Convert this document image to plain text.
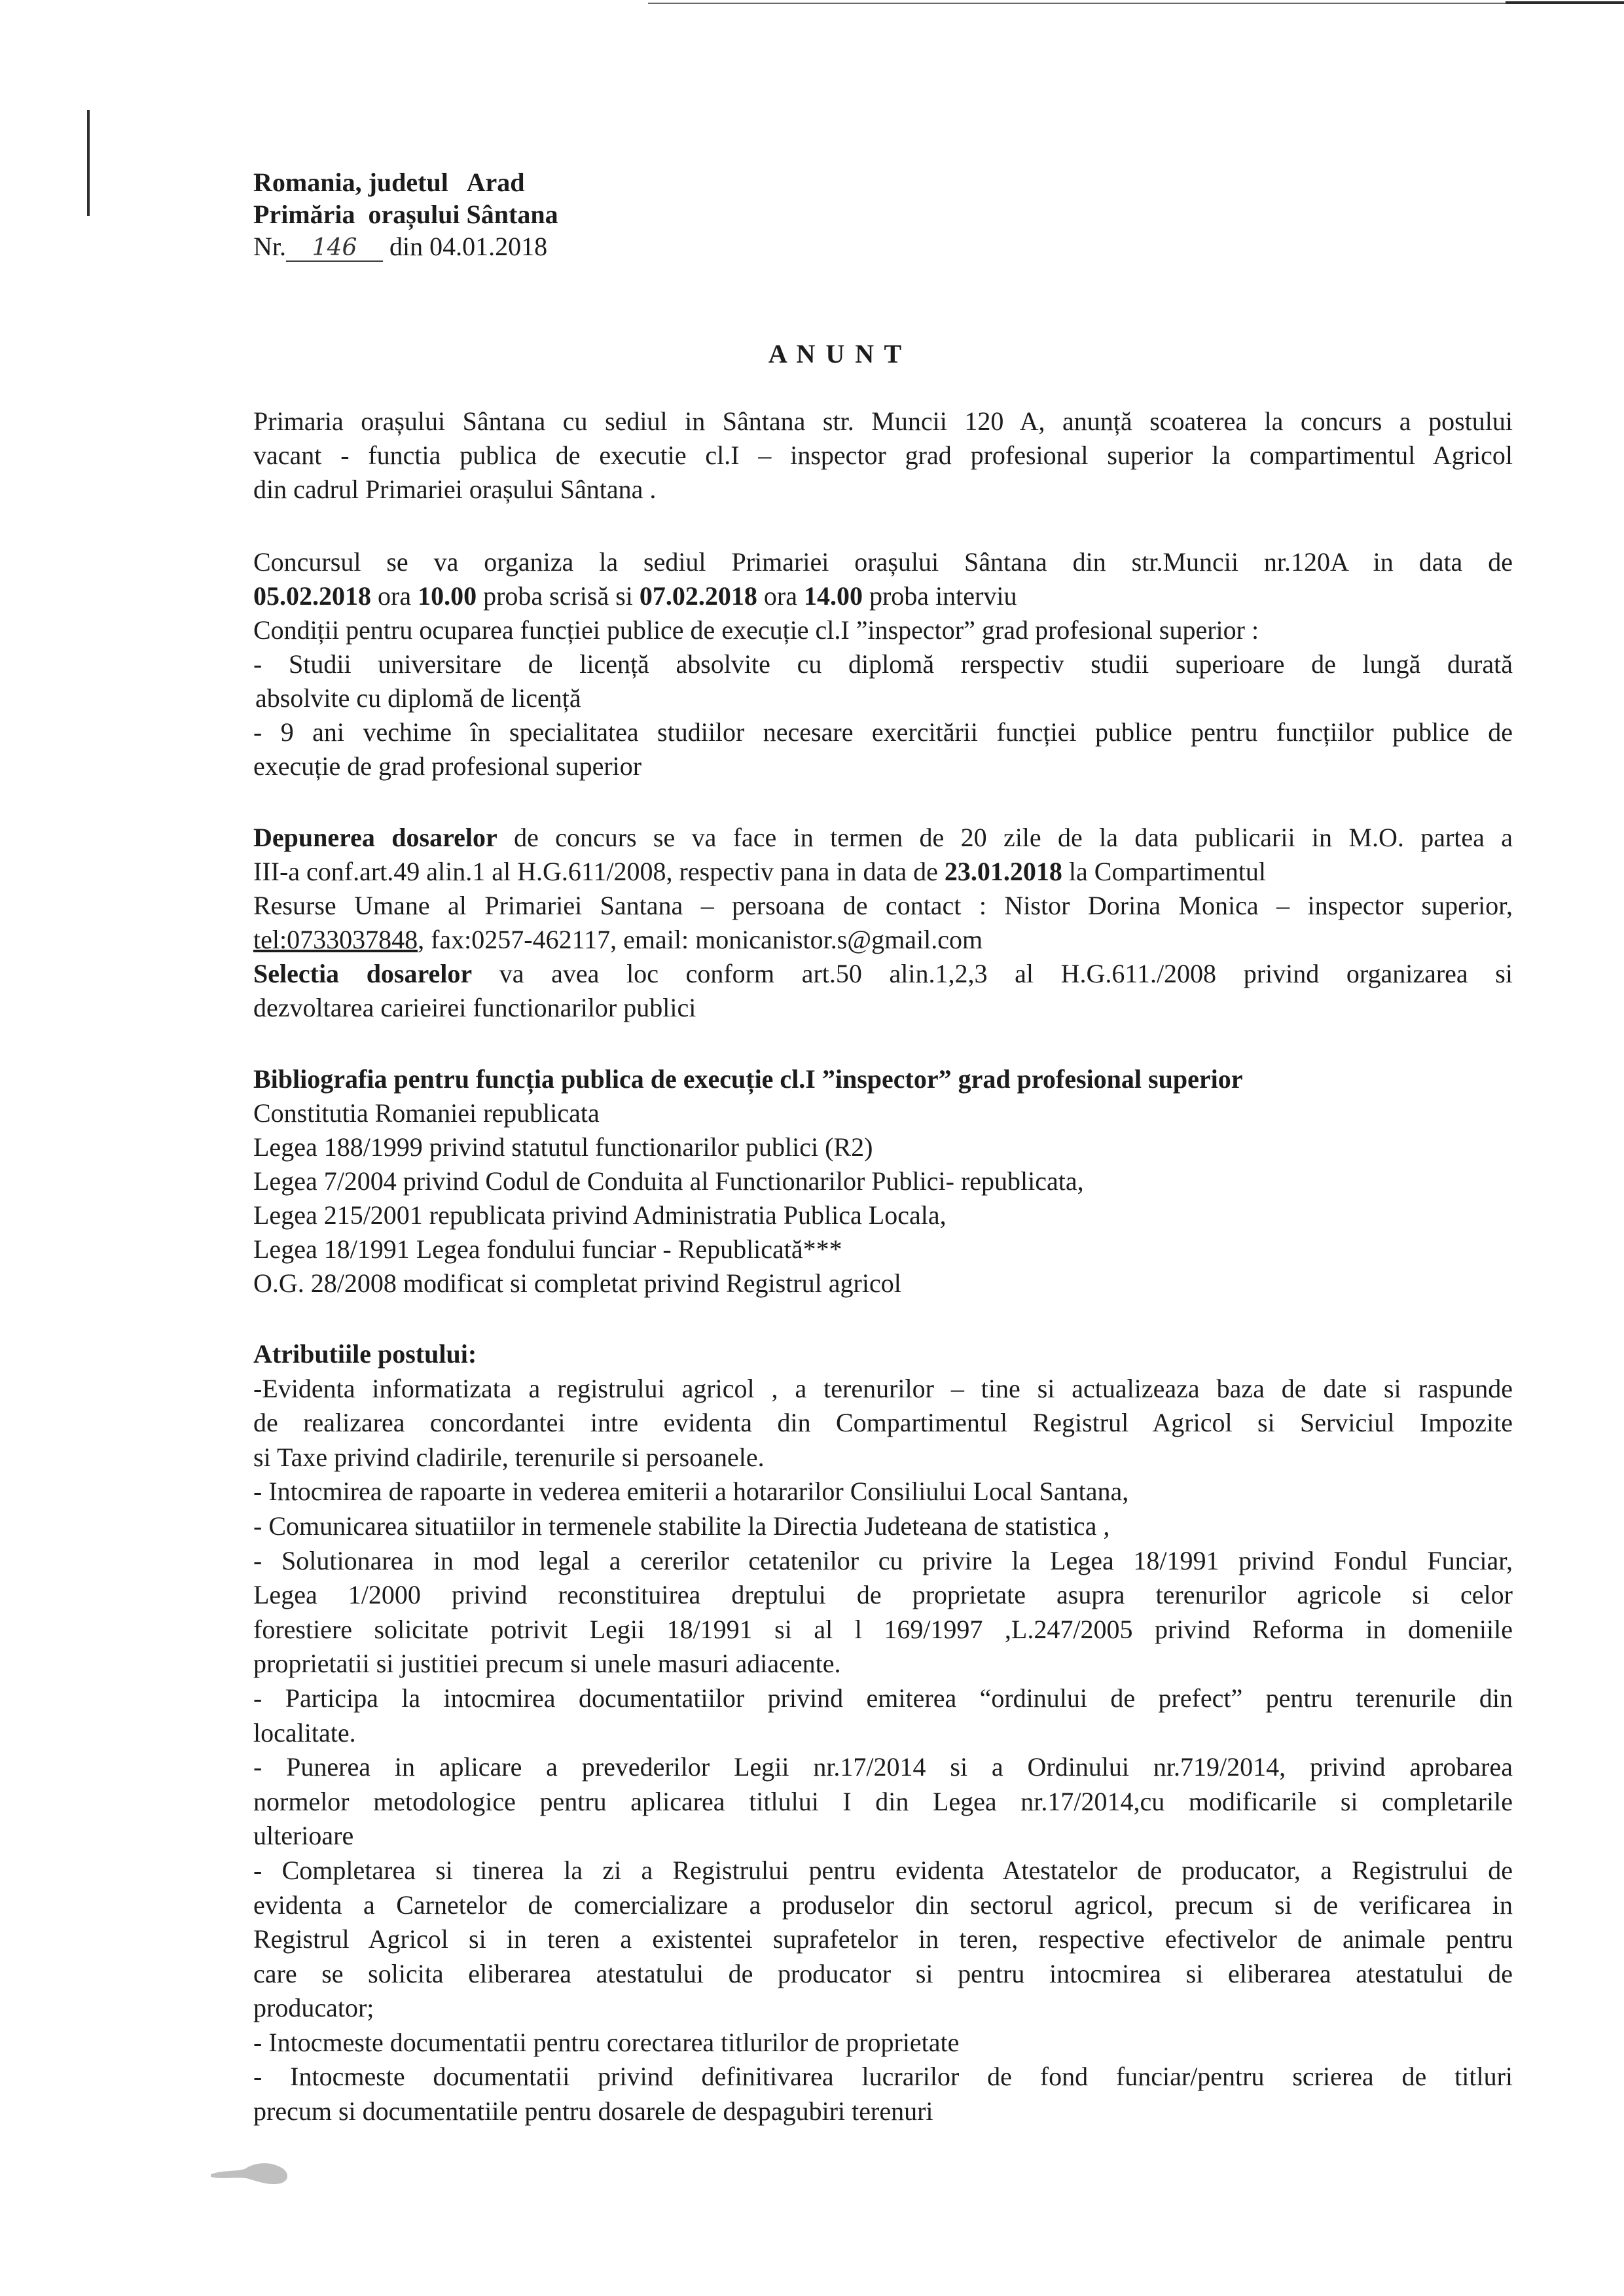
Romania, judetul   Arad
Primăria  orașului Sântana
Nr. 146 din 04.01.2018
A N U N T
Primaria orașului Sântana cu sediul in Sântana str. Muncii 120 A, anunță scoaterea la concurs a postului
vacant - functia publica de executie cl.I – inspector grad profesional superior la compartimentul Agricol
din cadrul Primariei orașului Sântana .
Concursul se va organiza la sediul Primariei orașului Sântana din str.Muncii nr.120A in data de
05.02.2018 ora 10.00 proba scrisă si 07.02.2018 ora 14.00 proba interviu
Condiții pentru ocuparea funcției publice de execuție cl.I ”inspector” grad profesional superior :
- Studii universitare de licență absolvite cu diplomă rerspectiv studii superioare de lungă durată
absolvite cu diplomă de licență
- 9 ani vechime în specialitatea studiilor necesare exercitării funcției publice pentru funcțiilor publice de
execuție de grad profesional superior
Depunerea dosarelor de concurs se va face in termen de 20 zile de la data publicarii in M.O. partea a
III-a conf.art.49 alin.1 al H.G.611/2008, respectiv pana in data de 23.01.2018 la Compartimentul
Resurse Umane al Primariei Santana – persoana de contact : Nistor Dorina Monica – inspector superior,
tel:0733037848, fax:0257-462117, email: monicanistor.s@gmail.com
Selectia dosarelor va avea loc conform art.50 alin.1,2,3 al H.G.611./2008 privind organizarea si
dezvoltarea carieirei functionarilor publici
Bibliografia pentru funcția publica de execuție cl.I ”inspector” grad profesional superior
Constitutia Romaniei republicata
Legea 188/1999 privind statutul functionarilor publici (R2)
Legea 7/2004 privind Codul de Conduita al Functionarilor Publici- republicata,
Legea 215/2001 republicata privind Administratia Publica Locala,
Legea 18/1991 Legea fondului funciar - Republicată***
O.G. 28/2008 modificat si completat privind Registrul agricol
Atributiile postului:
-Evidenta informatizata a registrului agricol , a terenurilor – tine si actualizeaza baza de date si raspunde
de realizarea concordantei intre evidenta din Compartimentul Registrul Agricol si Serviciul Impozite
si Taxe privind cladirile, terenurile si persoanele.
- Intocmirea de rapoarte in vederea emiterii a hotararilor Consiliului Local Santana,
- Comunicarea situatiilor in termenele stabilite la Directia Judeteana de statistica ,
- Solutionarea in mod legal a cererilor cetatenilor cu privire la Legea 18/1991 privind Fondul Funciar,
Legea 1/2000 privind reconstituirea dreptului de proprietate asupra terenurilor agricole si celor
forestiere solicitate potrivit Legii 18/1991 si al l 169/1997 ,L.247/2005 privind Reforma in domeniile
proprietatii si justitiei precum si unele masuri adiacente.
- Participa la intocmirea documentatiilor privind emiterea “ordinului de prefect” pentru terenurile din
localitate.
- Punerea in aplicare a prevederilor Legii nr.17/2014 si a Ordinului nr.719/2014, privind aprobarea
normelor metodologice pentru aplicarea titlului I din Legea nr.17/2014,cu modificarile si completarile
ulterioare
- Completarea si tinerea la zi a Registrului pentru evidenta Atestatelor de producator, a Registrului de
evidenta a Carnetelor de comercializare a produselor din sectorul agricol, precum si de verificarea in
Registrul Agricol si in teren a existentei suprafetelor in teren, respective efectivelor de animale pentru
care se solicita eliberarea atestatului de producator si pentru intocmirea si eliberarea atestatului de
producator;
- Intocmeste documentatii pentru corectarea titlurilor de proprietate
- Intocmeste documentatii privind definitivarea lucrarilor de fond funciar/pentru scrierea de titluri
precum si documentatiile pentru dosarele de despagubiri terenuri
